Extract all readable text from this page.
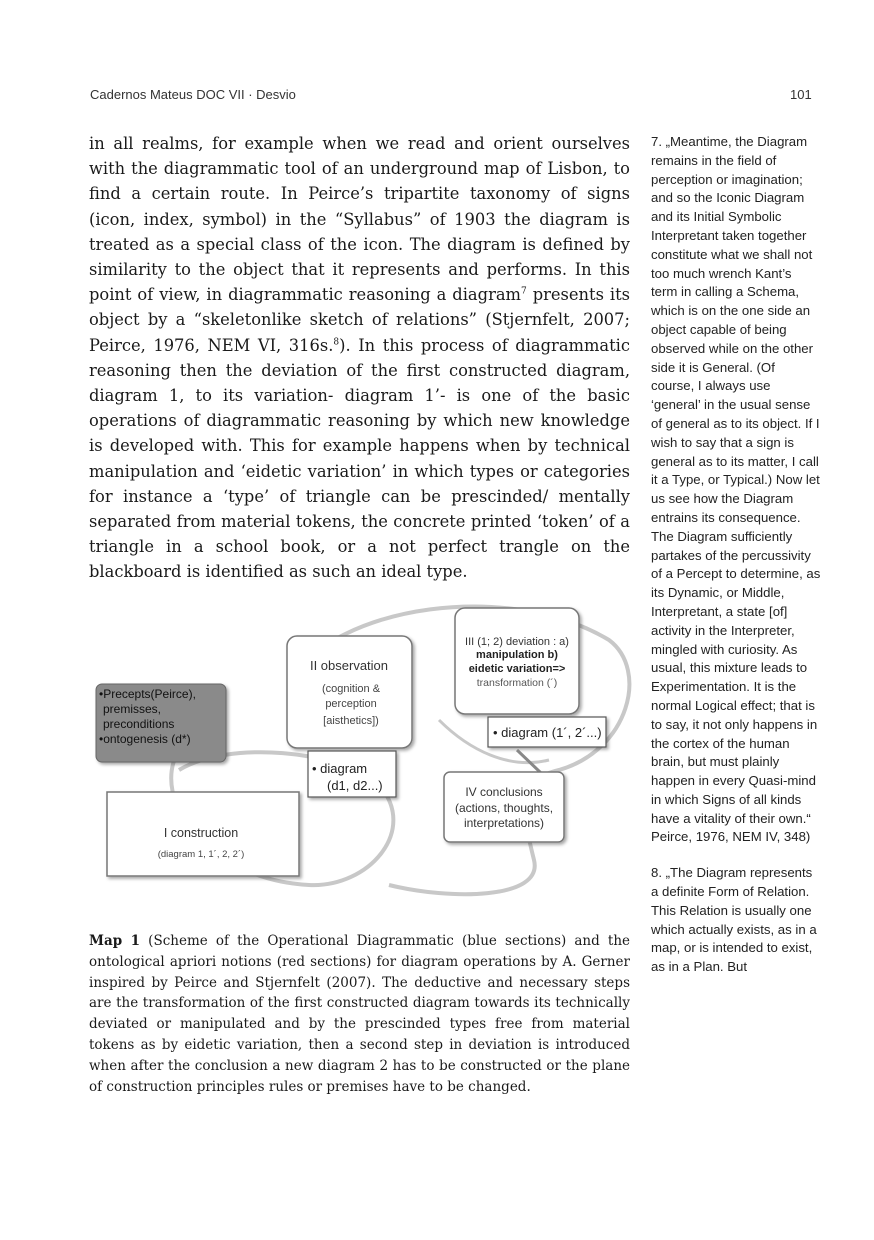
Cadernos Mateus DOC VII · Desvio	101
in all realms, for example when we read and orient ourselves with the diagrammatic tool of an underground map of Lisbon, to find a certain route. In Peirce’s tripartite taxonomy of signs (icon, index, symbol) in the “Syllabus” of 1903 the diagram is treated as a special class of the icon. The diagram is defined by similarity to the object that it represents and performs. In this point of view, in diagrammatic reasoning a diagram$^7$ presents its object by a “skeletonlike sketch of relations” (Stjernfelt, 2007; Peirce, 1976, NEM VI, 316s.$^8$). In this process of diagrammatic reasoning then the deviation of the first constructed diagram, diagram 1, to its variation- diagram 1’- is one of the basic operations of diagrammatic reasoning by which new knowledge is developed with. This for example happens when by technical manipulation and ‘eidetic variation’ in which types or categories for instance a ‘type’ of triangle can be prescinded/ mentally separated from material tokens, the concrete printed ‘token’ of a triangle in a school book, or a not perfect trangle on the blackboard is identified as such an ideal type.

7. „Meantime, the Diagram remains in the field of perception or imagination; and so the Iconic Diagram and its Initial Symbolic Interpretant taken together constitute what we shall not too much wrench Kant’s term in calling a Schema, which is on the one side an object capable of being observed while on the other side it is General. (Of course, I always use ‘general’ in the usual sense of general as to its object. If I wish to say that a sign is general as to its matter, I call it a Type, or Typical.) Now let us see how the Diagram entrains its consequence. The Diagram sufficiently partakes of the percussivity of a Percept to determine, as its Dynamic, or Middle, Interpretant, a state [of] activity in the Interpreter, mingled with curiosity. As usual, this mixture leads to Experimentation. It is the normal Logical effect; that is to say, it not only happens in the cortex of the human brain, but must plainly happen in every Quasi-mind in which Signs of all kinds have a vitality of their own.“ Peirce, 1976, NEM IV, 348)

8. „The Diagram represents a definite Form of Relation. This Relation is usually one which actually exists, as in a map, or is intended to exist, as in a Plan. But

•Precepts(Peirce),
premisses,
preconditions
•ontogenesis (d*)
II observation
(cognition &
perception
[aisthetics])
• diagram
(d1, d2...)
III (1; 2) deviation : a)
manipulation b)
eidetic variation=>
transformation (´)
• diagram (1´, 2´...)
IV conclusions
(actions, thoughts,
interpretations)
I construction
(diagram 1, 1´, 2, 2´)
Map 1 (Scheme of the Operational Diagrammatic (blue sections) and the ontological apriori notions (red sections) for diagram operations by A. Gerner inspired by Peirce and Stjernfelt (2007). The deductive and necessary steps are the transformation of the first constructed diagram towards its technically deviated or manipulated and by the prescinded types free from material tokens as by eidetic variation, then a second step in deviation is introduced when after the conclusion a new diagram 2 has to be constructed or the plane of construction principles rules or premises have to be changed.
